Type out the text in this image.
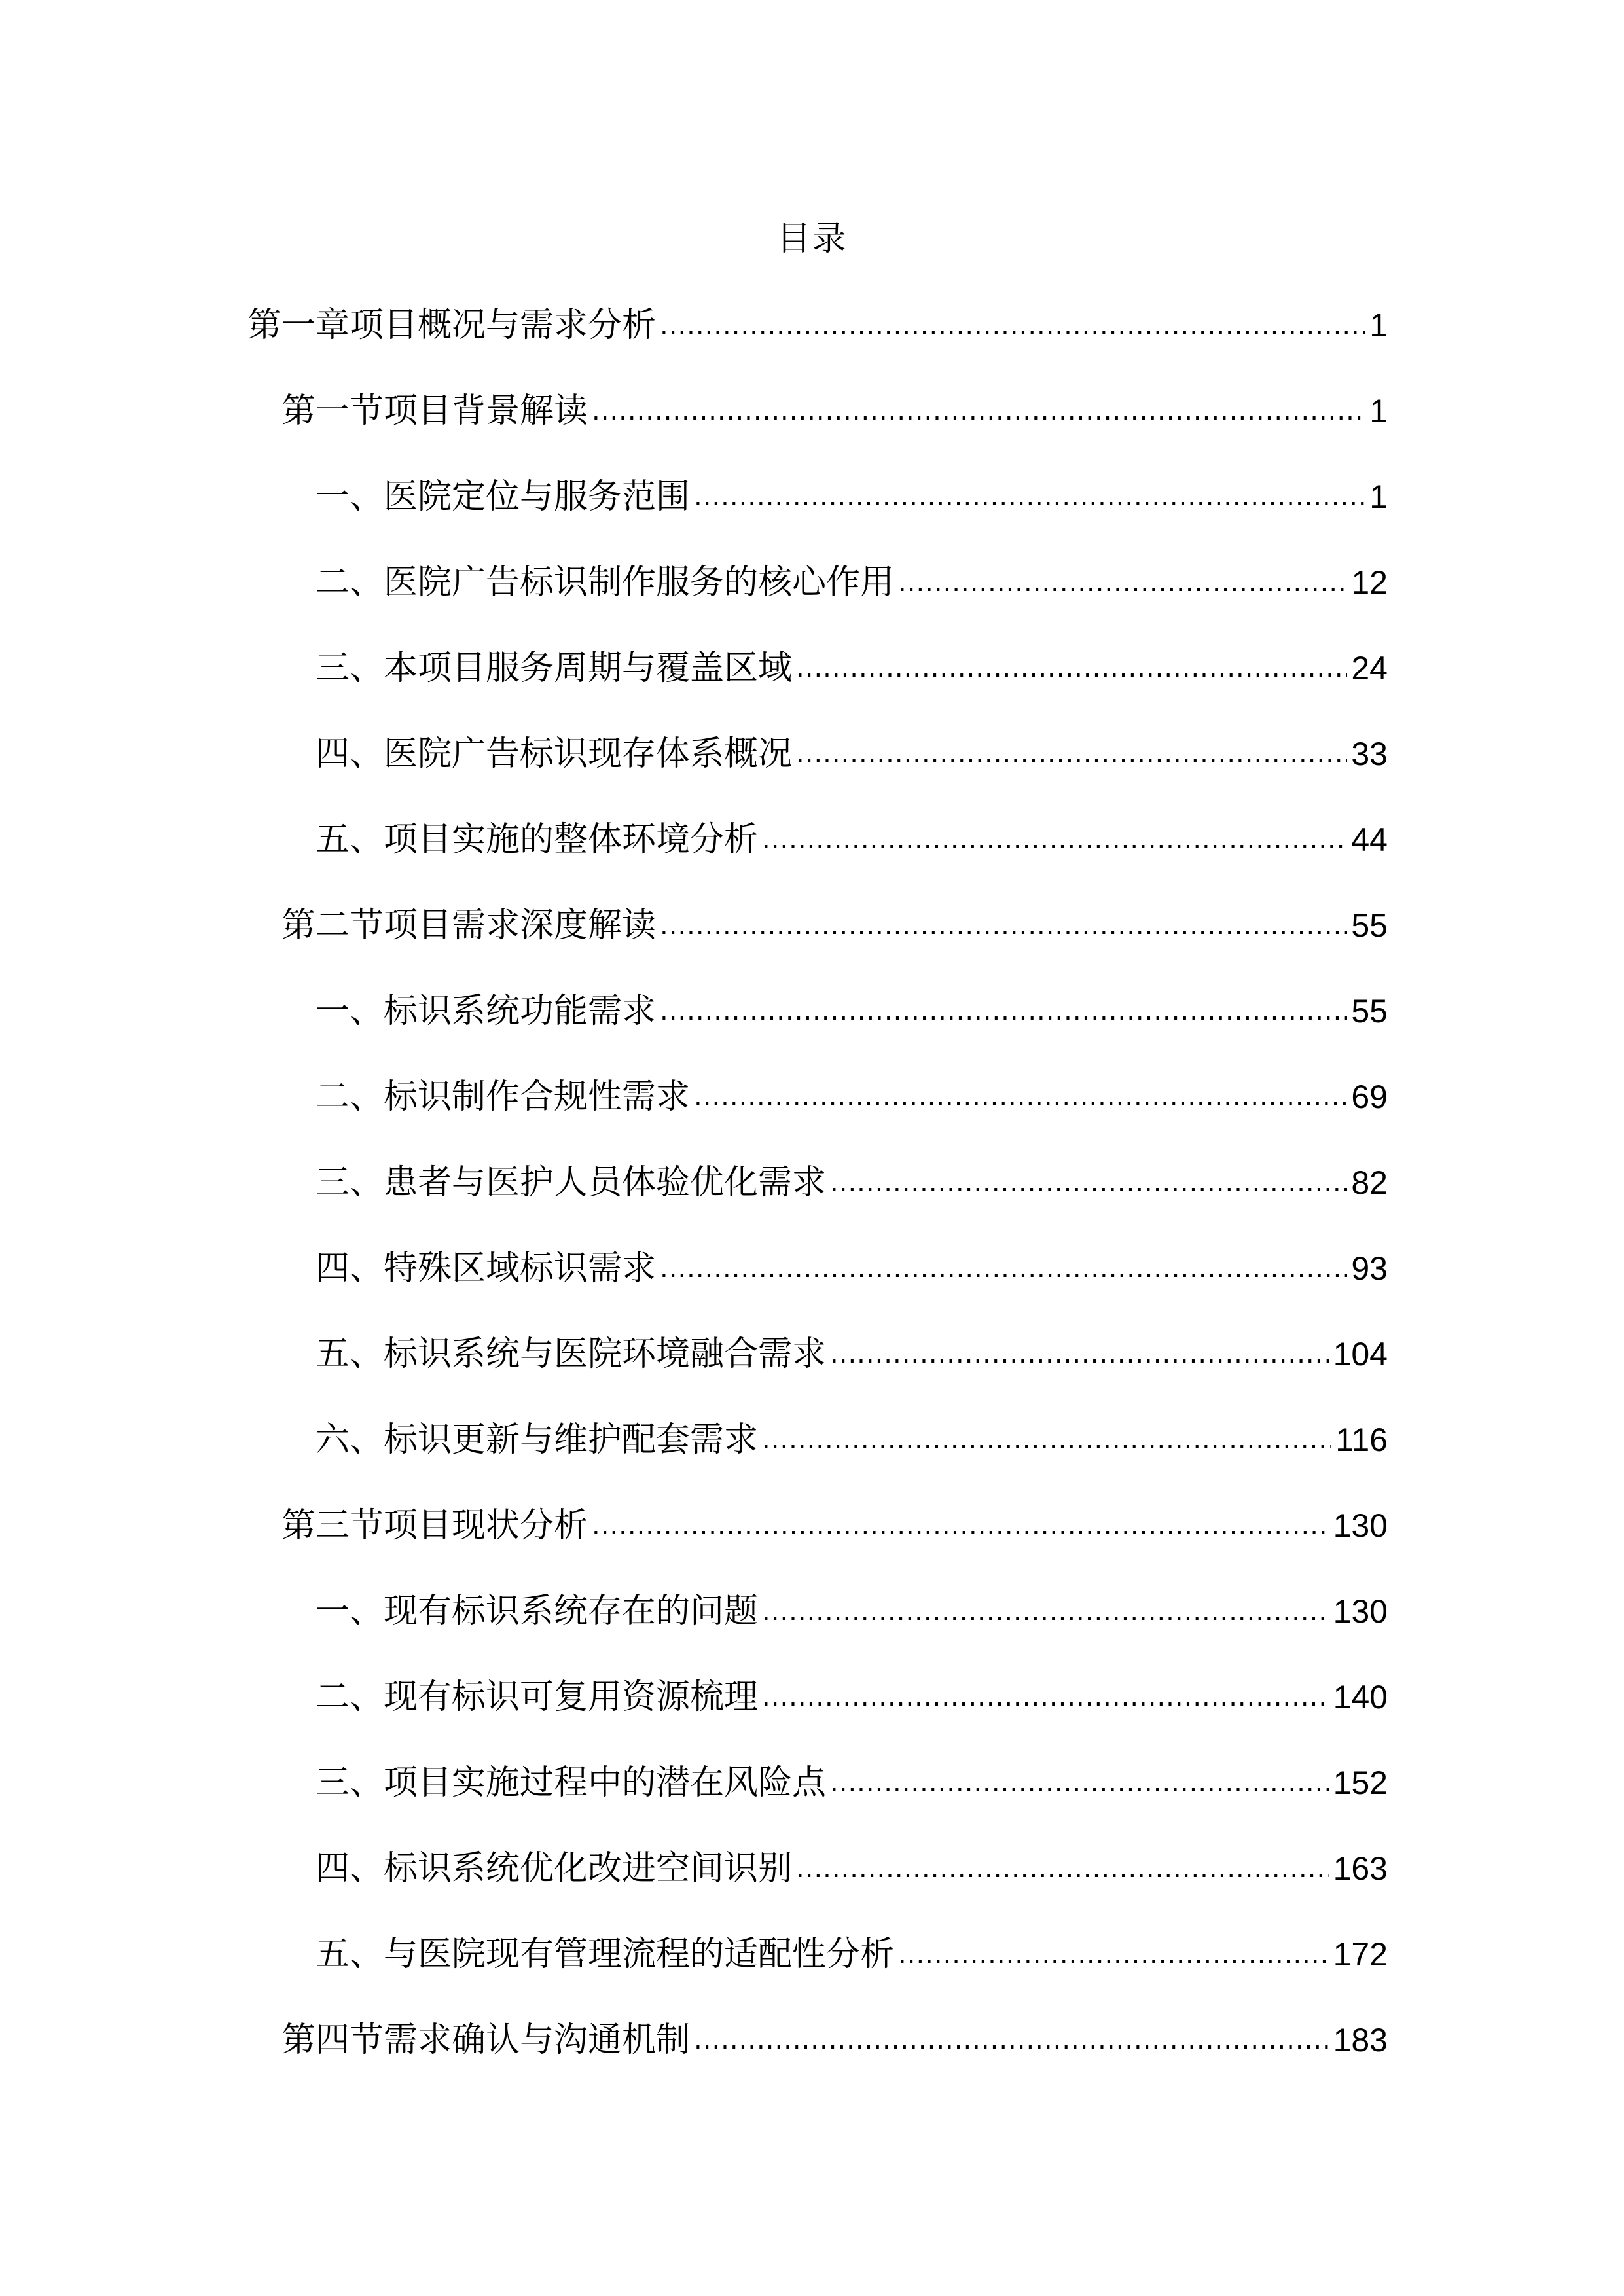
目录
第一章项目概况与需求分析 .....	1
第一节项目背景解读 .....	1
一、医院定位与服务范围 .....	1
二、医院广告标识制作服务的核心作用 .....	12
三、本项目服务周期与覆盖区域 .....	24
四、医院广告标识现存体系概况 .....	33
五、项目实施的整体环境分析 .....	44
第二节项目需求深度解读 .....	55
一、标识系统功能需求 .....	55
二、标识制作合规性需求 .....	69
三、患者与医护人员体验优化需求 .....	82
四、特殊区域标识需求 .....	93
五、标识系统与医院环境融合需求 .....	104
六、标识更新与维护配套需求 .....	116
第三节项目现状分析 .....	130
一、现有标识系统存在的问题 .....	130
二、现有标识可复用资源梳理 .....	140
三、项目实施过程中的潜在风险点 .....	152
四、标识系统优化改进空间识别 .....	163
五、与医院现有管理流程的适配性分析 .....	172
第四节需求确认与沟通机制 .....	183
